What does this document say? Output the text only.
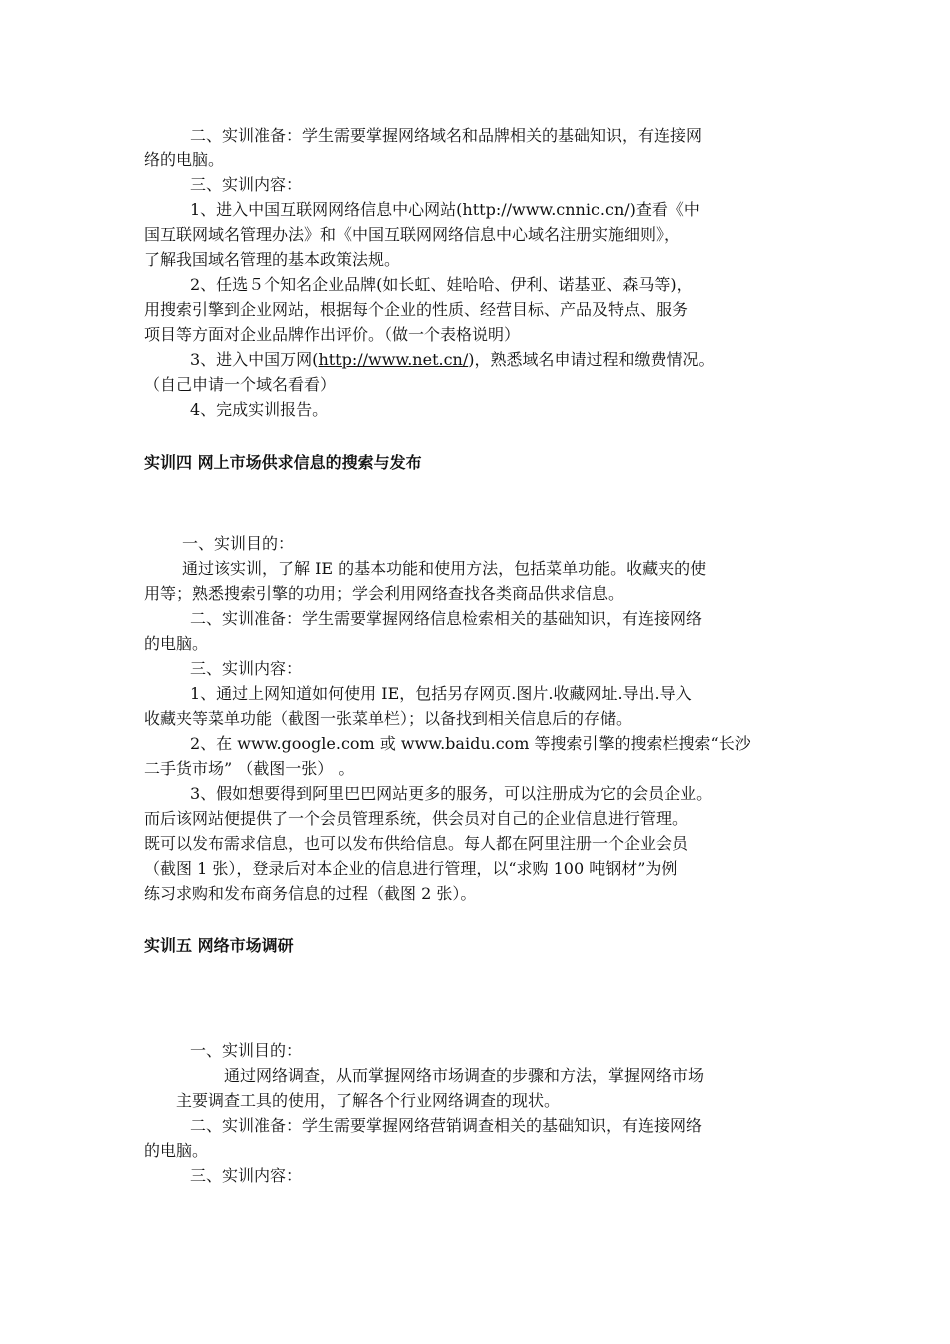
二、实训准备：学生需要掌握网络域名和品牌相关的基础知识，有连接网
络的电脑。
三、实训内容：
1、进入中国互联网网络信息中心网站(http://www.cnnic.cn/)查看《中
国互联网域名管理办法》和《中国互联网网络信息中心域名注册实施细则》，
了解我国域名管理的基本政策法规。
2、任选５个知名企业品牌(如长虹、娃哈哈、伊利、诺基亚、森马等)，
用搜索引擎到企业网站，根据每个企业的性质、经营目标、产品及特点、服务
项目等方面对企业品牌作出评价。（做一个表格说明）
3、进入中国万网(http://www.net.cn/)，熟悉域名申请过程和缴费情况。
（自己申请一个域名看看）
4、完成实训报告。
实训四 网上市场供求信息的搜索与发布
一、实训目的：
通过该实训，了解 IE 的基本功能和使用方法，包括菜单功能。收藏夹的使
用等；熟悉搜索引擎的功用；学会利用网络查找各类商品供求信息。
二、实训准备：学生需要掌握网络信息检索相关的基础知识，有连接网络
的电脑。
三、实训内容：
1、通过上网知道如何使用 IE，包括另存网页.图片.收藏网址.导出.导入
收藏夹等菜单功能（截图一张菜单栏）；以备找到相关信息后的存储。
2、在 www.google.com 或 www.baidu.com 等搜索引擎的搜索栏搜索“长沙
二手货市场” （截图一张） 。
3、假如想要得到阿里巴巴网站更多的服务，可以注册成为它的会员企业。
而后该网站便提供了一个会员管理系统，供会员对自己的企业信息进行管理。
既可以发布需求信息，也可以发布供给信息。每人都在阿里注册一个企业会员
（截图 1 张），登录后对本企业的信息进行管理，以“求购 100 吨钢材”为例
练习求购和发布商务信息的过程（截图 2 张）。
实训五 网络市场调研
一、实训目的：
通过网络调查，从而掌握网络市场调查的步骤和方法，掌握网络市场
主要调查工具的使用，了解各个行业网络调查的现状。
二、实训准备：学生需要掌握网络营销调查相关的基础知识，有连接网络
的电脑。
三、实训内容：
